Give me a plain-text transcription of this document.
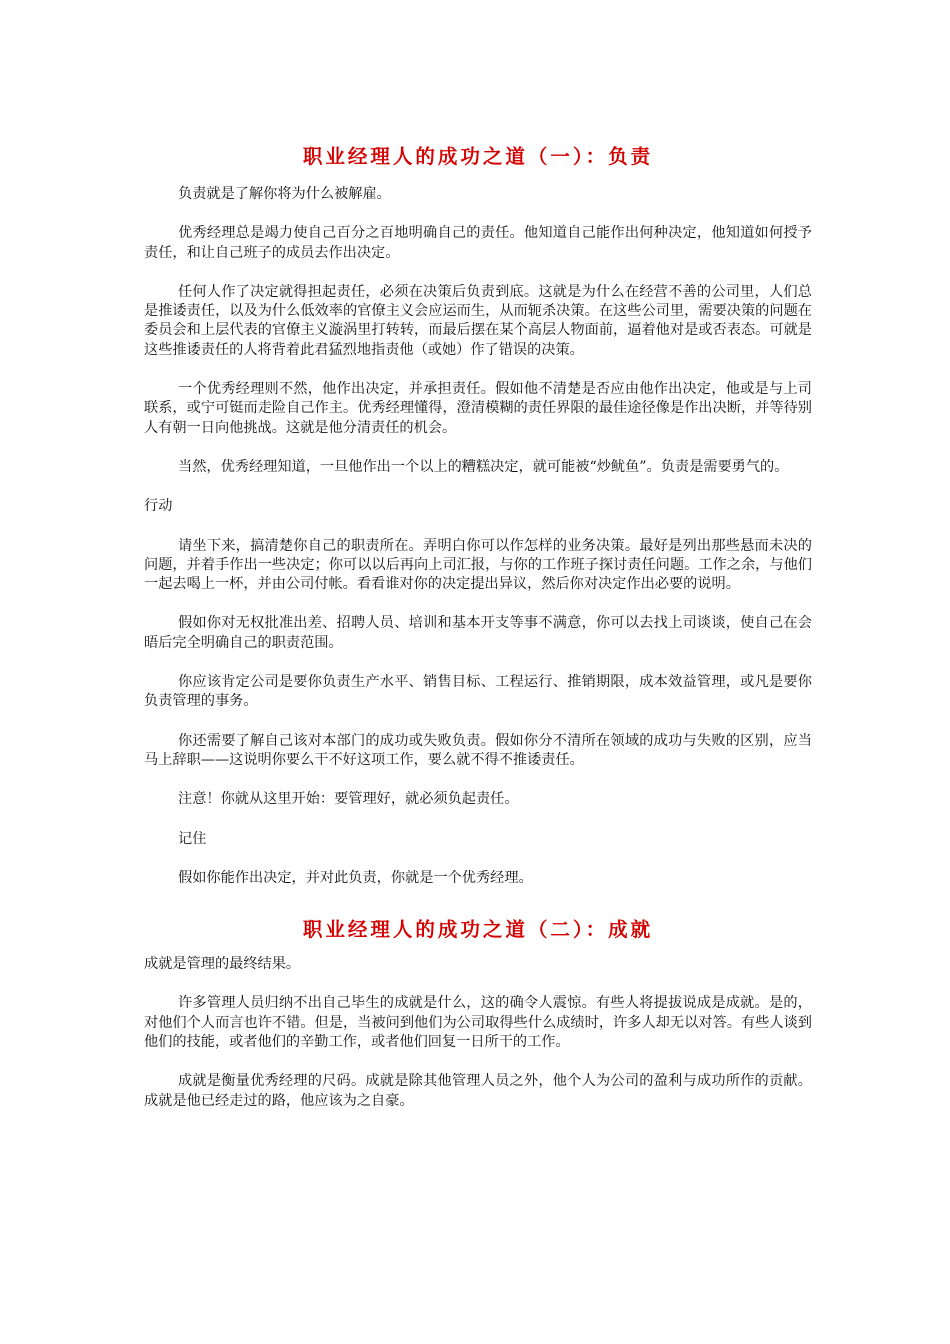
职业经理人的成功之道（一）：负责

负责就是了解你将为什么被解雇。

优秀经理总是竭力使自己百分之百地明确自己的责任。他知道自己能作出何种决定，他知道如何授予责任，和让自己班子的成员去作出决定。

任何人作了决定就得担起责任，必须在决策后负责到底。这就是为什么在经营不善的公司里，人们总是推诿责任，以及为什么低效率的官僚主义会应运而生，从而轭杀决策。在这些公司里，需要决策的问题在委员会和上层代表的官僚主义漩涡里打转转，而最后摆在某个高层人物面前，逼着他对是或否表态。可就是这些推诿责任的人将背着此君猛烈地指责他（或她）作了错误的决策。

一个优秀经理则不然，他作出决定，并承担责任。假如他不清楚是否应由他作出决定，他或是与上司联系，或宁可铤而走险自己作主。优秀经理懂得，澄清模糊的责任界限的最佳途径像是作出决断，并等待别人有朝一日向他挑战。这就是他分清责任的机会。

当然，优秀经理知道，一旦他作出一个以上的糟糕决定，就可能被“炒鱿鱼”。负责是需要勇气的。

行动

请坐下来，搞清楚你自己的职责所在。弄明白你可以作怎样的业务决策。最好是列出那些悬而未决的问题，并着手作出一些决定；你可以以后再向上司汇报，与你的工作班子探讨责任问题。工作之余，与他们一起去喝上一杯，并由公司付帐。看看谁对你的决定提出异议，然后你对决定作出必要的说明。

假如你对无权批准出差、招聘人员、培训和基本开支等事不满意，你可以去找上司谈谈，使自己在会晤后完全明确自己的职责范围。

你应该肯定公司是要你负责生产水平、销售目标、工程运行、推销期限，成本效益管理，或凡是要你负责管理的事务。

你还需要了解自己该对本部门的成功或失败负责。假如你分不清所在领域的成功与失败的区别，应当马上辞职——这说明你要么干不好这项工作，要么就不得不推诿责任。

注意！你就从这里开始：要管理好，就必须负起责任。

记住

假如你能作出决定，并对此负责，你就是一个优秀经理。

职业经理人的成功之道（二）：成就

成就是管理的最终结果。

许多管理人员归纳不出自己毕生的成就是什么，这的确令人震惊。有些人将提拔说成是成就。是的，对他们个人而言也许不错。但是，当被问到他们为公司取得些什么成绩时，许多人却无以对答。有些人谈到他们的技能，或者他们的辛勤工作，或者他们回复一日所干的工作。

成就是衡量优秀经理的尺码。成就是除其他管理人员之外，他个人为公司的盈利与成功所作的贡献。成就是他已经走过的路，他应该为之自豪。
